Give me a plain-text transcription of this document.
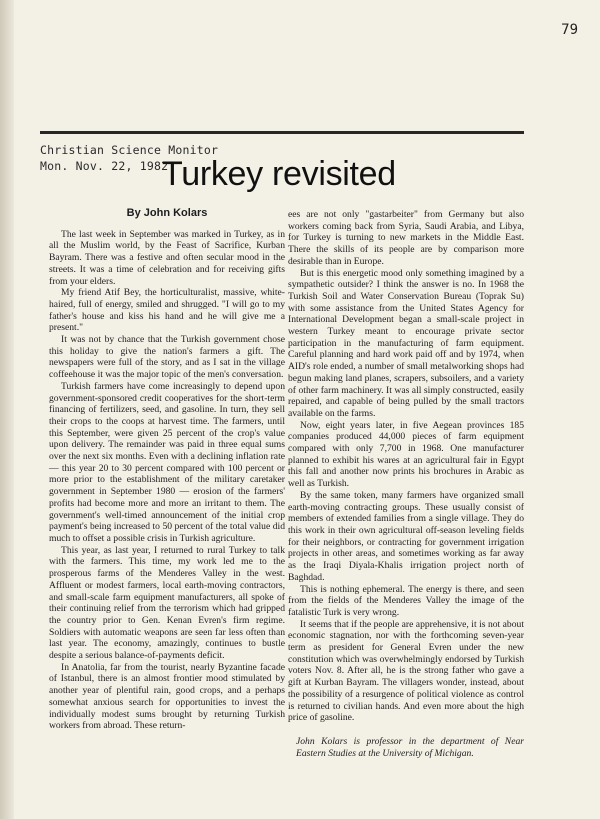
79
Christian Science Monitor
Mon. Nov. 22, 1982
Turkey revisited
By John Kolars

The last week in September was marked in Turkey, as in all the Muslim world, by the Feast of Sacrifice, Kurban Bayram. There was a festive and often secular mood in the streets. It was a time of celebration and for receiving gifts from your elders.

My friend Atif Bey, the horticulturalist, massive, white-haired, full of energy, smiled and shrugged. "I will go to my father's house and kiss his hand and he will give me a present."

It was not by chance that the Turkish government chose this holiday to give the nation's farmers a gift. The newspapers were full of the story, and as I sat in the village coffeehouse it was the major topic of the men's conversation.

Turkish farmers have come increasingly to depend upon government-sponsored credit cooperatives for the short-term financing of fertilizers, seed, and gasoline. In turn, they sell their crops to the coops at harvest time. The farmers, until this September, were given 25 percent of the crop's value upon delivery. The remainder was paid in three equal sums over the next six months. Even with a declining inflation rate — this year 20 to 30 percent compared with 100 percent or more prior to the establishment of the military caretaker government in September 1980 — erosion of the farmers' profits had become more and more an irritant to them. The government's well-timed announcement of the initial crop payment's being increased to 50 percent of the total value did much to offset a possible crisis in Turkish agriculture.

This year, as last year, I returned to rural Turkey to talk with the farmers. This time, my work led me to the prosperous farms of the Menderes Valley in the west. Affluent or modest farmers, local earth-moving contractors, and small-scale farm equipment manufacturers, all spoke of their continuing relief from the terrorism which had gripped the country prior to Gen. Kenan Evren's firm regime. Soldiers with automatic weapons are seen far less often than last year. The economy, amazingly, continues to bustle despite a serious balance-of-payments deficit.

In Anatolia, far from the tourist, nearly Byzantine facade of Istanbul, there is an almost frontier mood stimulated by another year of plentiful rain, good crops, and a perhaps somewhat anxious search for opportunities to invest the individually modest sums brought by returning Turkish workers from abroad. These return-

ees are not only "gastarbeiter" from Germany but also workers coming back from Syria, Saudi Arabia, and Libya, for Turkey is turning to new markets in the Middle East. There the skills of its people are by comparison more desirable than in Europe.

But is this energetic mood only something imagined by a sympathetic outsider? I think the answer is no. In 1968 the Turkish Soil and Water Conservation Bureau (Toprak Su) with some assistance from the United States Agency for International Development began a small-scale project in western Turkey meant to encourage private sector participation in the manufacturing of farm equipment. Careful planning and hard work paid off and by 1974, when AID's role ended, a number of small metalworking shops had begun making land planes, scrapers, subsoilers, and a variety of other farm machinery. It was all simply constructed, easily repaired, and capable of being pulled by the small tractors available on the farms.

Now, eight years later, in five Aegean provinces 185 companies produced 44,000 pieces of farm equipment compared with only 7,700 in 1968. One manufacturer planned to exhibit his wares at an agricultural fair in Egypt this fall and another now prints his brochures in Arabic as well as Turkish.

By the same token, many farmers have organized small earth-moving contracting groups. These usually consist of members of extended families from a single village. They do this work in their own agricultural off-season leveling fields for their neighbors, or contracting for government irrigation projects in other areas, and sometimes working as far away as the Iraqi Diyala-Khalis irrigation project north of Baghdad.

This is nothing ephemeral. The energy is there, and seen from the fields of the Menderes Valley the image of the fatalistic Turk is very wrong.

It seems that if the people are apprehensive, it is not about economic stagnation, nor with the forthcoming seven-year term as president for General Evren under the new constitution which was overwhelmingly endorsed by Turkish voters Nov. 8. After all, he is the strong father who gave a gift at Kurban Bayram. The villagers wonder, instead, about the possibility of a resurgence of political violence as control is returned to civilian hands. And even more about the high price of gasoline.

John Kolars is professor in the department of Near Eastern Studies at the University of Michigan.
